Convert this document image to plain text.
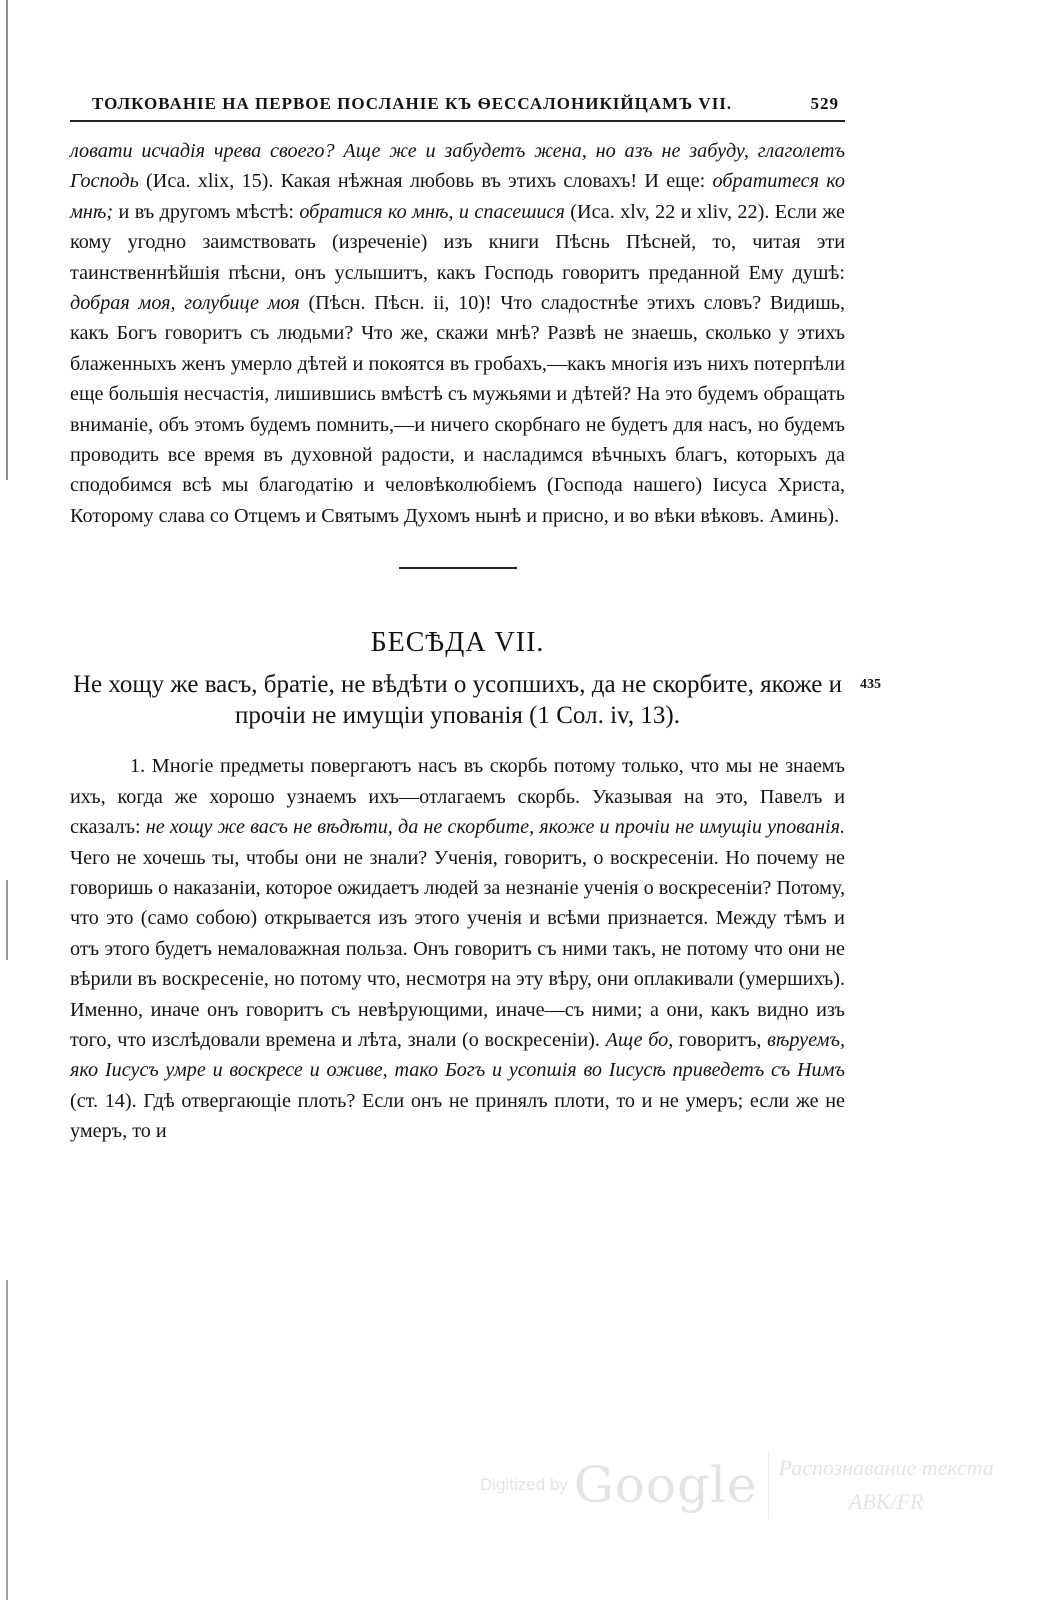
ТОЛКОВАНІЕ НА ПЕРВОЕ ПОСЛАНІЕ КЪ ѲЕССАЛОНИКІЙЦАМЪ VII.	529

ловати исчадія чрева своего? Аще же и забудетъ жена, но азъ не забуду, глаголетъ Господь (Иса. xlix, 15). Какая нѣжная любовь въ этихъ словахъ! И еще: обратитеся ко мнѣ; и въ другомъ мѣстѣ: обратися ко мнѣ, и спасешися (Иса. xlv, 22 и xliv, 22). Если же кому угодно заимствовать (изреченіе) изъ книги Пѣснь Пѣсней, то, читая эти таинственнѣйшія пѣсни, онъ услышитъ, какъ Господь говоритъ преданной Ему душѣ: добрая моя, голубице моя (Пѣсн. Пѣсн. ii, 10)! Что сладостнѣе этихъ словъ? Видишь, какъ Богъ говоритъ съ людьми? Что же, скажи мнѣ? Развѣ не знаешь, сколько у этихъ блаженныхъ женъ умерло дѣтей и покоятся въ гробахъ,—какъ многія изъ нихъ потерпѣли еще большія несчастія, лишившись вмѣстѣ съ мужьями и дѣтей? На это будемъ обращать вниманіе, объ этомъ будемъ помнить,—и ничего скорбнаго не будетъ для насъ, но будемъ проводить все время въ духовной радости, и насладимся вѣчныхъ благъ, которыхъ да сподобимся всѣ мы благодатію и человѣколюбіемъ (Господа нашего) Іисуса Христа, Которому слава со Отцемъ и Святымъ Духомъ нынѣ и присно, и во вѣки вѣковъ. Аминь).

БЕСѢДА VII.
Не хощу же васъ, братіе, не вѣдѣти о усопшихъ, да не скорбите, якоже и прочіи не имущіи упованія (1 Сол. iv, 13).
435

1. Многіе предметы повергаютъ насъ въ скорбь потому только, что мы не знаемъ ихъ, когда же хорошо узнаемъ ихъ—отлагаемъ скорбь. Указывая на это, Павелъ и сказалъ: не хощу же васъ не вѣдѣти, да не скорбите, якоже и прочіи не имущіи упованія. Чего не хочешь ты, чтобы они не знали? Ученія, говоритъ, о воскресеніи. Но почему не говоришь о наказаніи, которое ожидаетъ людей за незнаніе ученія о воскресеніи? Потому, что это (само собою) открывается изъ этого ученія и всѣми признается. Между тѣмъ и отъ этого будетъ немаловажная польза. Онъ говоритъ съ ними такъ, не потому что они не вѣрили въ воскресеніе, но потому что, несмотря на эту вѣру, они оплакивали (умершихъ). Именно, иначе онъ говоритъ съ невѣрующими, иначе—съ ними; а они, какъ видно изъ того, что изслѣдовали времена и лѣта, знали (о воскресеніи). Аще бо, говоритъ, вѣруемъ, яко Іисусъ умре и воскресе и оживе, тако Богъ и усопшія во Іисусѣ приведетъ съ Нимъ (ст. 14). Гдѣ отвергающіе плоть? Если онъ не принялъ плоти, то и не умеръ; если же не умеръ, то и

Digitized by Google Распознавание текста
ABK/FR
